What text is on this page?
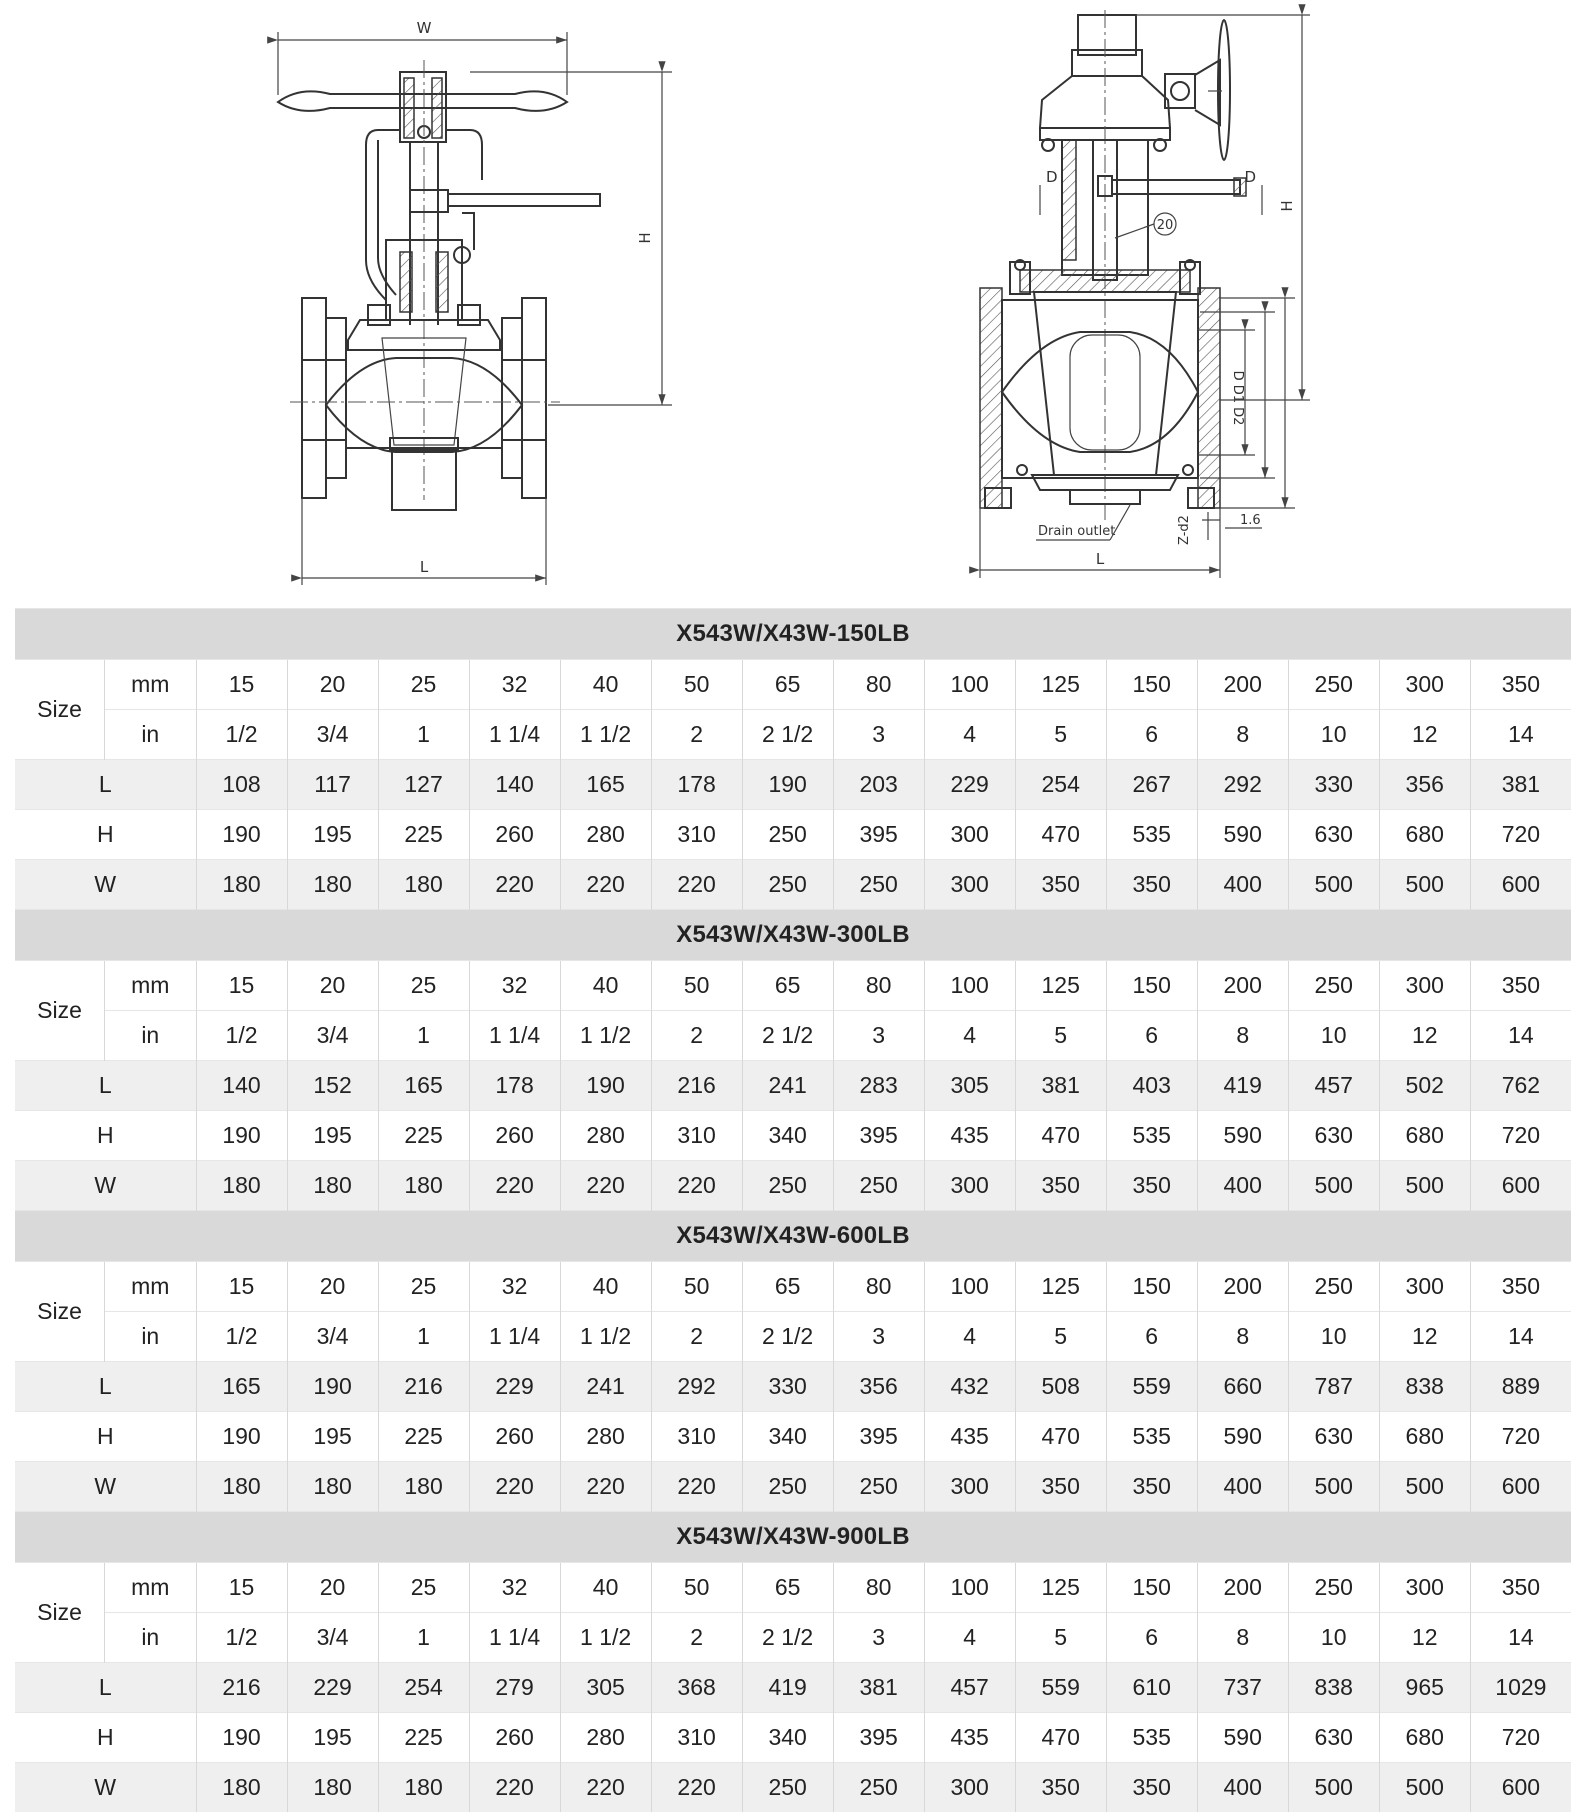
W
H
L
D	D
20
Drain outlet
D D1 D2
H
Z-d2	1.6
L
X543W/X43W-150LB																
Size	mm	15	20	25	32	40	50	65	80	100	125	150	200	250	300	350
	in	1/2	3/4	1	1 1/4	1 1/2	2	2 1/2	3	4	5	6	8	10	12	14
L		108	117	127	140	165	178	190	203	229	254	267	292	330	356	381
H		190	195	225	260	280	310	250	395	300	470	535	590	630	680	720
W		180	180	180	220	220	220	250	250	300	350	350	400	500	500	600
X543W/X43W-300LB																
Size	mm	15	20	25	32	40	50	65	80	100	125	150	200	250	300	350
	in	1/2	3/4	1	1 1/4	1 1/2	2	2 1/2	3	4	5	6	8	10	12	14
L		140	152	165	178	190	216	241	283	305	381	403	419	457	502	762
H		190	195	225	260	280	310	340	395	435	470	535	590	630	680	720
W		180	180	180	220	220	220	250	250	300	350	350	400	500	500	600
X543W/X43W-600LB																
Size	mm	15	20	25	32	40	50	65	80	100	125	150	200	250	300	350
	in	1/2	3/4	1	1 1/4	1 1/2	2	2 1/2	3	4	5	6	8	10	12	14
L		165	190	216	229	241	292	330	356	432	508	559	660	787	838	889
H		190	195	225	260	280	310	340	395	435	470	535	590	630	680	720
W		180	180	180	220	220	220	250	250	300	350	350	400	500	500	600
X543W/X43W-900LB																
Size	mm	15	20	25	32	40	50	65	80	100	125	150	200	250	300	350
	in	1/2	3/4	1	1 1/4	1 1/2	2	2 1/2	3	4	5	6	8	10	12	14
L		216	229	254	279	305	368	419	381	457	559	610	737	838	965	1029
H		190	195	225	260	280	310	340	395	435	470	535	590	630	680	720
W		180	180	180	220	220	220	250	250	300	350	350	400	500	500	600
